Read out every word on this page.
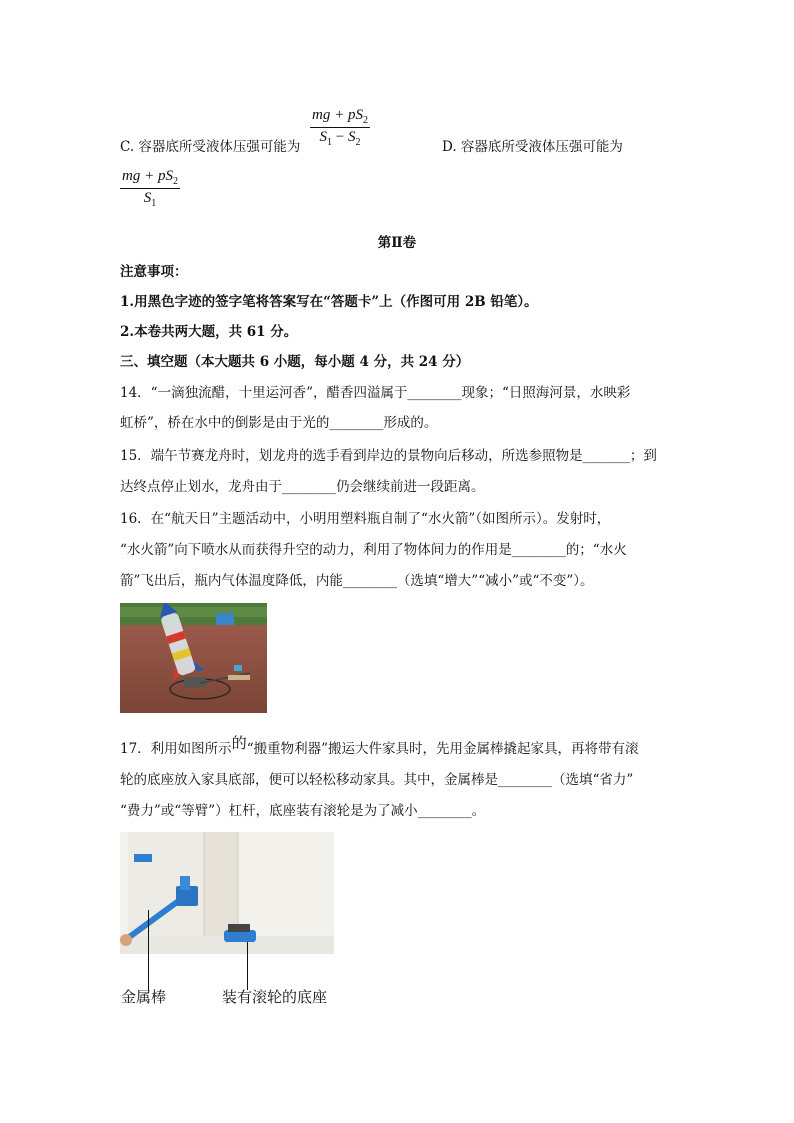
$\frac{mg + pS_2}{S_1 - S_2}$
C. 容器底所受液体压强可能为	D. 容器底所受液体压强可能为
$\frac{mg + pS_2}{S_1}$
第Ⅱ卷
注意事项：
1.用黑色字迹的签字笔将答案写在“答题卡”上（作图可用 2B 铅笔）。
2.本卷共两大题，共 61 分。
三、填空题（本大题共 6 小题，每小题 4 分，共 24 分）
14．“一滴独流醋，十里运河香”，醋香四溢属于________现象；“日照海河景，水映彩
虹桥”，桥在水中的倒影是由于光的________形成的。
15．端午节赛龙舟时，划龙舟的选手看到岸边的景物向后移动，所选参照物是_______；到
达终点停止划水，龙舟由于________仍会继续前进一段距离。
16．在“航天日”主题活动中，小明用塑料瓶自制了“水火箭”（如图所示）。发射时，
“水火箭”向下喷水从而获得升空的动力，利用了物体间力的作用是________的；“水火
箭”飞出后，瓶内气体温度降低，内能________（选填“增大”“减小”或“不变”）。
17．利用如图所示的“搬重物利器”搬运大件家具时，先用金属棒撬起家具，再将带有滚
轮的底座放入家具底部，便可以轻松移动家具。其中，金属棒是________（选填“省力”
“费力”或“等臂”）杠杆，底座装有滚轮是为了减小________。
金属棒	装有滚轮的底座
